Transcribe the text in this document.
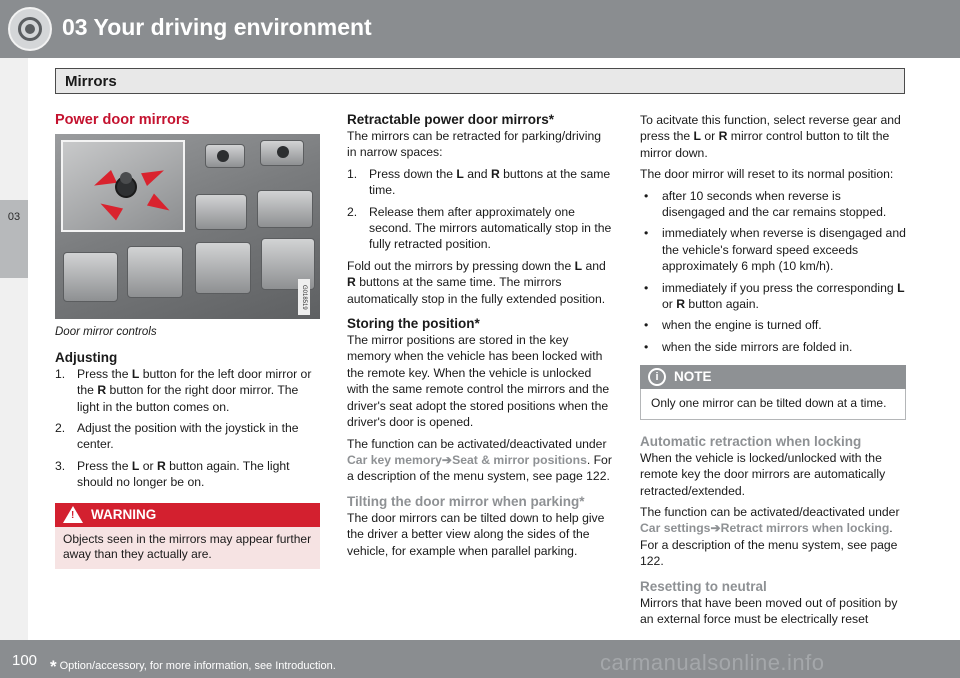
03 Your driving environment
03
Mirrors
Power door mirrors
G018519
Door mirror controls
Adjusting
1. Press the L button for the left door mirror or the R button for the right door mirror. The light in the button comes on.
2. Adjust the position with the joystick in the center.
3. Press the L or R button again. The light should no longer be on.
! WARNING
Objects seen in the mirrors may appear further away than they actually are.
Retractable power door mirrors*

The mirrors can be retracted for parking/driving in narrow spaces:

1. Press down the L and R buttons at the same time.
2. Release them after approximately one second. The mirrors automatically stop in the fully retracted position.

Fold out the mirrors by pressing down the L and R buttons at the same time. The mirrors automatically stop in the fully extended position.

Storing the position*

The mirror positions are stored in the key memory when the vehicle has been locked with the remote key. When the vehicle is unlocked with the same remote control the mirrors and the driver's seat adopt the stored positions when the driver's door is opened.

The function can be activated/deactivated under Car key memory➔Seat & mirror positions. For a description of the menu system, see page 122.

Tilting the door mirror when parking*

The door mirrors can be tilted down to help give the driver a better view along the sides of the vehicle, for example when parallel parking.

To acitvate this function, select reverse gear and press the L or R mirror control button to tilt the mirror down.

The door mirror will reset to its normal position:

• after 10 seconds when reverse is disengaged and the car remains stopped.
• immediately when reverse is disengaged and the vehicle's forward speed exceeds approximately 6 mph (10 km/h).
• immediately if you press the corresponding L or R button again.
• when the engine is turned off.
• when the side mirrors are folded in.
i	NOTE
Only one mirror can be tilted down at a time.
Automatic retraction when locking

When the vehicle is locked/unlocked with the remote key the door mirrors are automatically retracted/extended.

The function can be activated/deactivated under Car settings➔Retract mirrors when locking. For a description of the menu system, see page 122.

Resetting to neutral

Mirrors that have been moved out of position by an external force must be electrically reset

100 * Option/accessory, for more information, see Introduction.	carmanualsonline.info
